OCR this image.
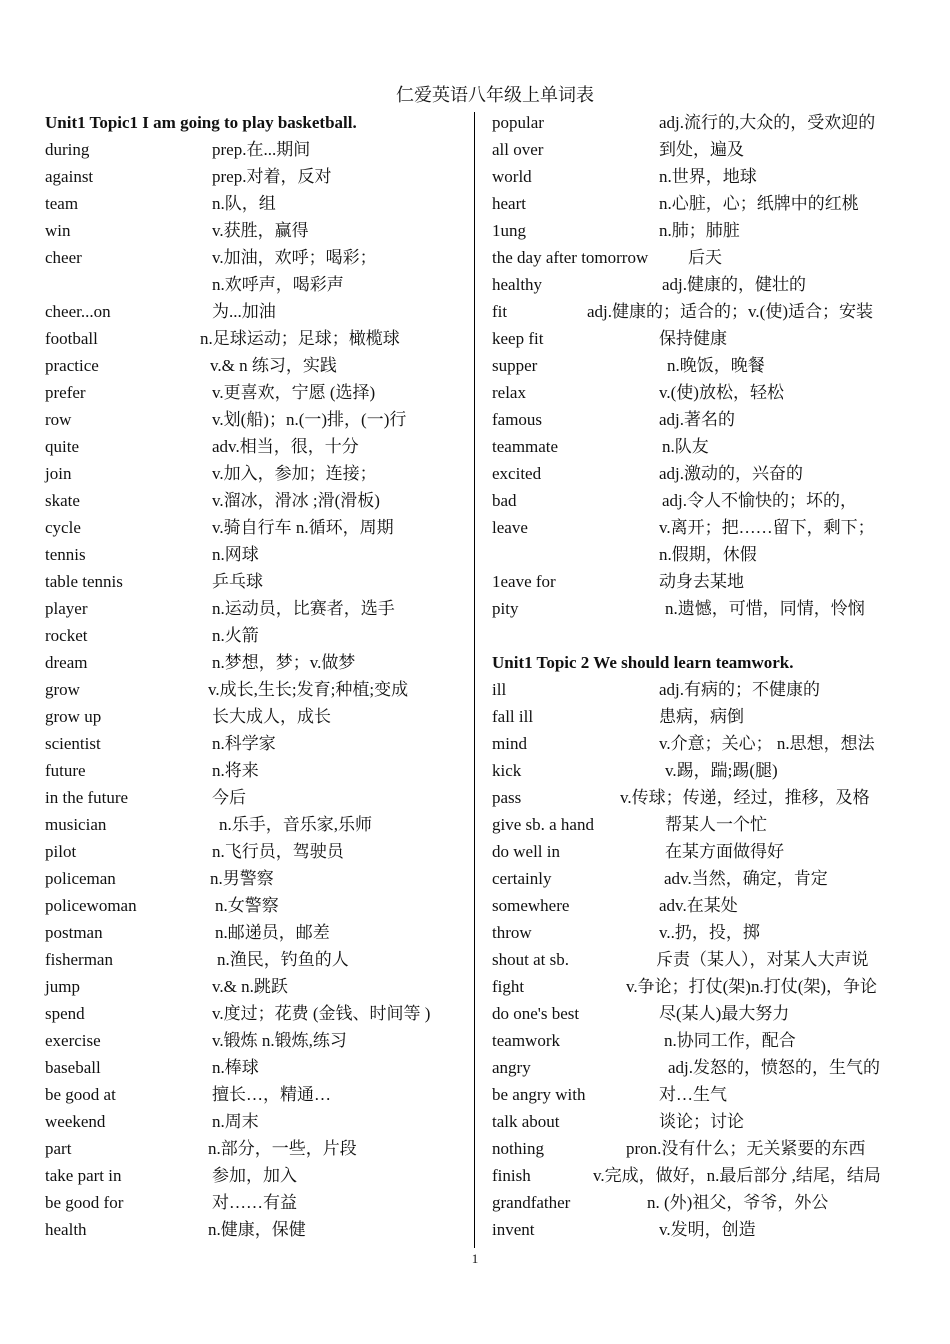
仁爱英语八年级上单词表
Unit1 Topic1 I am going to play basketball.
during	prep.在...期间
against	prep.对着，反对
team	n.队，组
win	v.获胜，赢得
cheer	v.加油，欢呼；喝彩；
n.欢呼声，喝彩声
cheer...on	为...加油
football	n.足球运动；足球；橄榄球
practice	v.& n 练习，实践
prefer	v.更喜欢，宁愿 (选择)
row	v.划(船)；n.(一)排，(一)行
quite	adv.相当，很，十分
join	v.加入，参加；连接；
skate	v.溜冰，滑冰 ;滑(滑板)
cycle	v.骑自行车 n.循环，周期
tennis	n.网球
table tennis	乒乓球
player	n.运动员，比赛者，选手
rocket	n.火箭
dream	n.梦想，梦；v.做梦
grow	v.成长,生长;发育;种植;变成
grow up	长大成人，成长
scientist	n.科学家
future	n.将来
in the future	今后
musician	n.乐手，音乐家,乐师
pilot	n.飞行员，驾驶员
policeman	n.男警察
policewoman	n.女警察
postman	n.邮递员，邮差
fisherman	n.渔民，钓鱼的人
jump	v.& n.跳跃
spend	v.度过；花费 (金钱、时间等 )
exercise	v.锻炼 n.锻炼,练习
baseball	n.棒球
be good at	擅长…，精通…
weekend	n.周末
part	n.部分，一些，片段
take part in	参加，加入
be good for	对……有益
health	n.健康，保健
popular	adj.流行的,大众的，受欢迎的
all over	到处，遍及
world	n.世界，地球
heart	n.心脏，心；纸牌中的红桃
1ung	n.肺；肺脏
the day after tomorrow 后天
healthy	adj.健康的，健壮的
fit	adj.健康的；适合的；v.(使)适合；安装
keep fit	保持健康
supper	n.晚饭，晚餐
relax	v.(使)放松，轻松
famous	adj.著名的
teammate	n.队友
excited	adj.激动的，兴奋的
bad	adj.令人不愉快的；坏的，
leave	v.离开；把……留下，剩下；
n.假期，休假
1eave for	动身去某地
pity	n.遗憾，可惜，同情，怜悯
Unit1 Topic 2 We should learn teamwork.
ill	adj.有病的；不健康的
fall ill	患病，病倒
mind	v.介意；关心； n.思想，想法
kick	v.踢，踹;踢(腿)
pass	v.传球；传递，经过，推移，及格
give sb. a hand	帮某人一个忙
do well in	在某方面做得好
certainly	adv.当然，确定，肯定
somewhere	adv.在某处
throw	v..扔，投，掷
shout at sb.	斥责（某人），对某人大声说
fight	v.争论；打仗(架)n.打仗(架)，争论
do one's best	尽(某人)最大努力
teamwork	n.协同工作，配合
angry	adj.发怒的，愤怒的，生气的
be angry with	对…生气
talk about	谈论；讨论
nothing	pron.没有什么；无关紧要的东西
finish	v.完成，做好，n.最后部分 ,结尾，结局
grandfather	n. (外)祖父，爷爷，外公
invent	v.发明，创造
1
